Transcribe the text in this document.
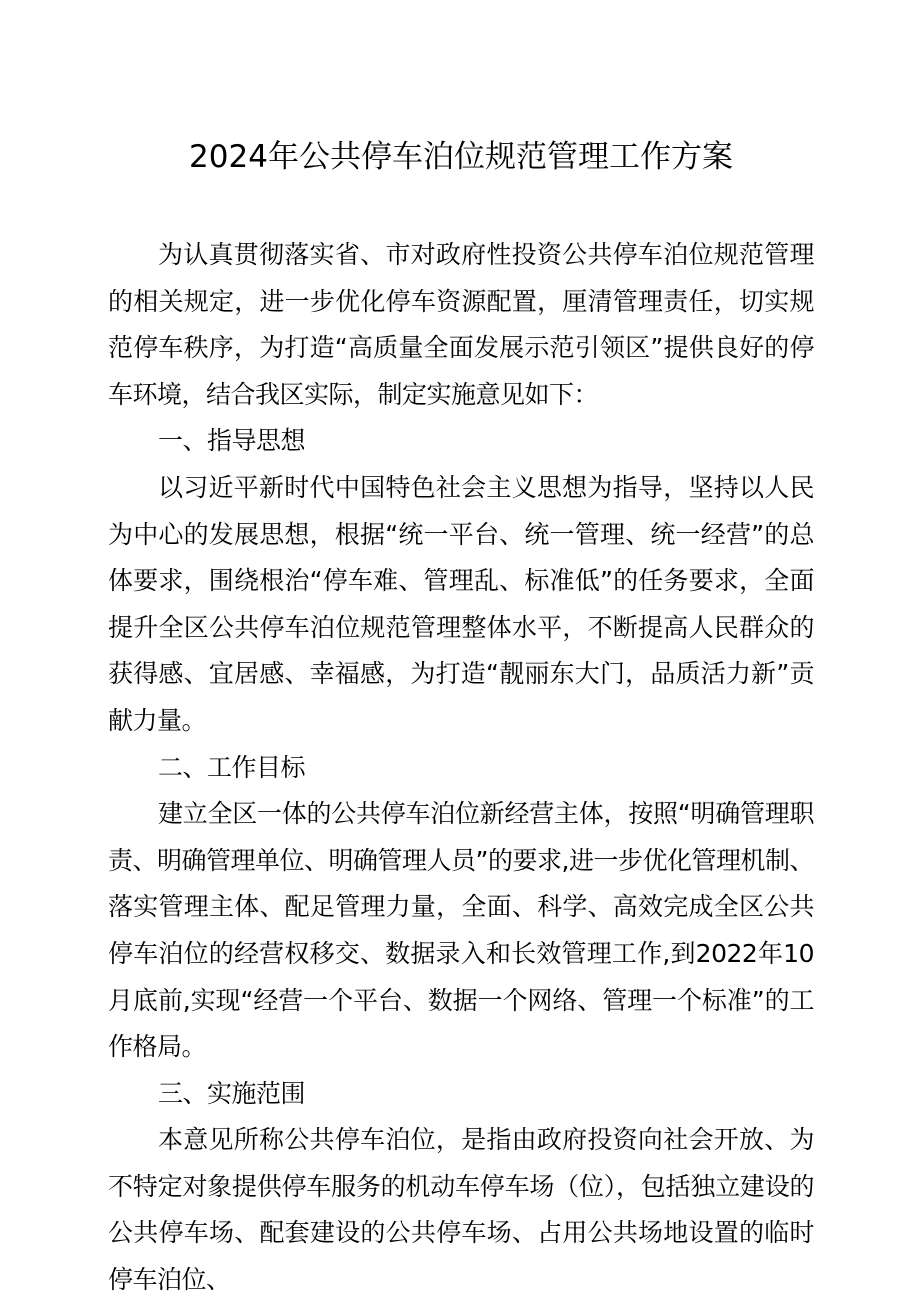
2024年公共停车泊位规范管理工作方案

为认真贯彻落实省、市对政府性投资公共停车泊位规范管理的相关规定，进一步优化停车资源配置，厘清管理责任，切实规范停车秩序，为打造“高质量全面发展示范引领区”提供良好的停车环境，结合我区实际，制定实施意见如下：

一、指导思想

以习近平新时代中国特色社会主义思想为指导，坚持以人民为中心的发展思想，根据“统一平台、统一管理、统一经营”的总体要求，围绕根治“停车难、管理乱、标准低”的任务要求，全面提升全区公共停车泊位规范管理整体水平，不断提高人民群众的获得感、宜居感、幸福感，为打造“靓丽东大门，品质活力新”贡献力量。

二、工作目标

建立全区一体的公共停车泊位新经营主体，按照“明确管理职责、明确管理单位、明确管理人员”的要求,进一步优化管理机制、落实管理主体、配足管理力量，全面、科学、高效完成全区公共停车泊位的经营权移交、数据录入和长效管理工作,到2022年10月底前,实现“经营一个平台、数据一个网络、管理一个标准”的工作格局。

三、实施范围

本意见所称公共停车泊位，是指由政府投资向社会开放、为不特定对象提供停车服务的机动车停车场（位），包括独立建设的公共停车场、配套建设的公共停车场、占用公共场地设置的临时停车泊位、
